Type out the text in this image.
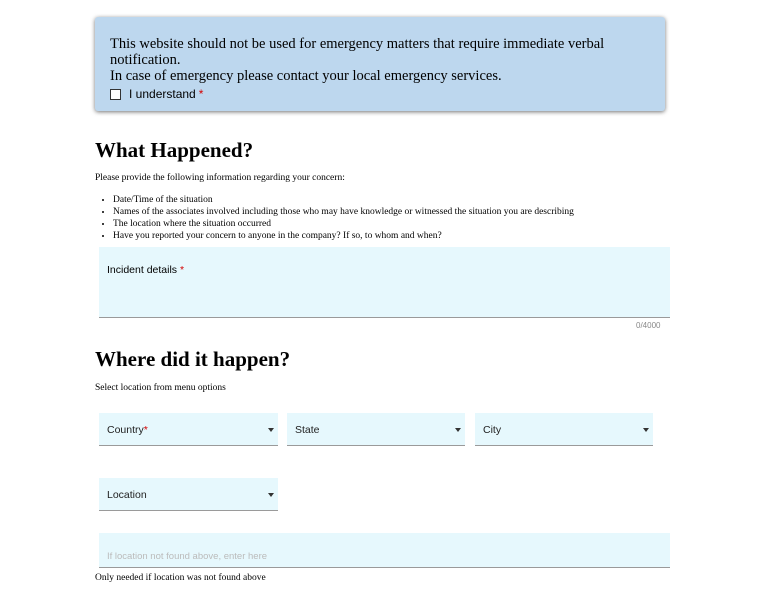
This website should not be used for emergency matters that require immediate verbal notification.
In case of emergency please contact your local emergency services.
I understand *
What Happened?
Please provide the following information regarding your concern:
• Date/Time of the situation
• Names of the associates involved including those who may have knowledge or witnessed the situation you are describing
• The location where the situation occurred
• Have you reported your concern to anyone in the company? If so, to whom and when?
Incident details *
0/4000
Where did it happen?
Select location from menu options
Country*	State	City
Location
If location not found above, enter here
Only needed if location was not found above
